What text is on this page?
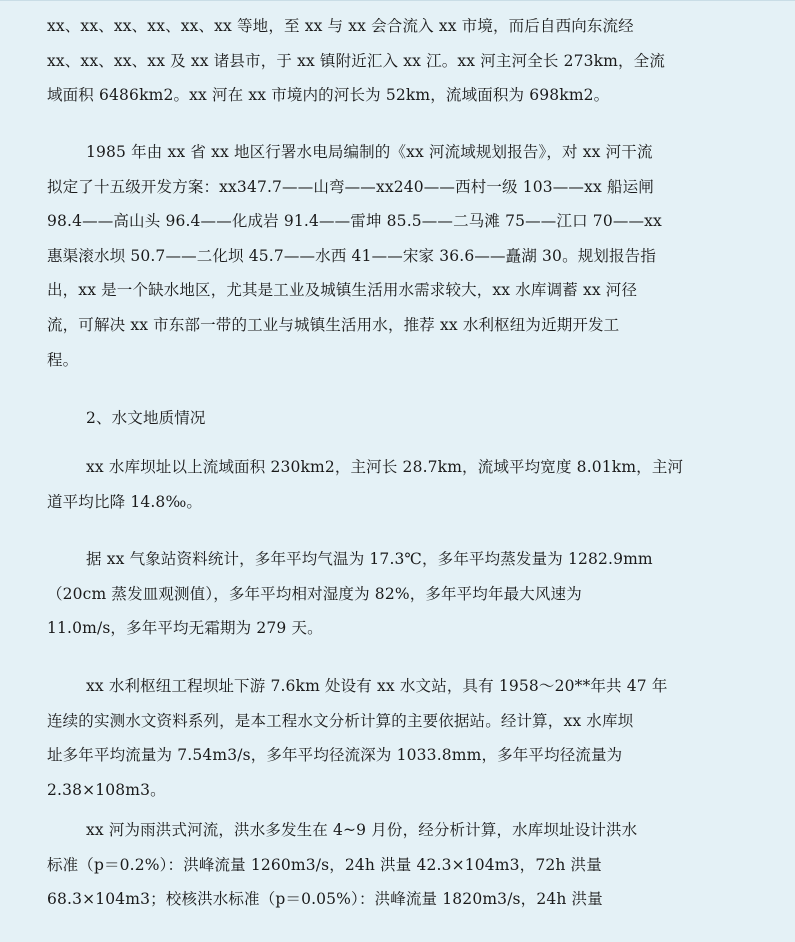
xx、xx、xx、xx、xx、xx 等地，至 xx 与 xx 会合流入 xx 市境，而后自西向东流经
xx、xx、xx、xx 及 xx 诸县市，于 xx 镇附近汇入 xx 江。xx 河主河全长 273km，全流
域面积 6486km2。xx 河在 xx 市境内的河长为 52km，流域面积为 698km2。
1985 年由 xx 省 xx 地区行署水电局编制的《xx 河流域规划报告》，对 xx 河干流
拟定了十五级开发方案：xx347.7——山弯——xx240——西村一级 103——xx 船运闸
98.4——高山头 96.4——化成岩 91.4——雷坤 85.5——二马滩 75——江口 70——xx
惠渠滚水坝 50.7——二化坝 45.7——水西 41——宋家 36.6——矗湖 30。规划报告指
出，xx 是一个缺水地区，尤其是工业及城镇生活用水需求较大，xx 水库调蓄 xx 河径
流，可解决 xx 市东部一带的工业与城镇生活用水，推荐 xx 水利枢纽为近期开发工
程。
2、水文地质情况
xx 水库坝址以上流域面积 230km2，主河长 28.7km，流域平均宽度 8.01km，主河
道平均比降 14.8‰。
据 xx 气象站资料统计，多年平均气温为 17.3℃，多年平均蒸发量为 1282.9mm
（20cm 蒸发皿观测值），多年平均相对湿度为 82%，多年平均年最大风速为
11.0m/s，多年平均无霜期为 279 天。
xx 水利枢纽工程坝址下游 7.6km 处设有 xx 水文站，具有 1958～20**年共 47 年
连续的实测水文资料系列，是本工程水文分析计算的主要依据站。经计算，xx 水库坝
址多年平均流量为 7.54m3/s，多年平均径流深为 1033.8mm，多年平均径流量为
2.38×108m3。
xx 河为雨洪式河流，洪水多发生在 4~9 月份，经分析计算，水库坝址设计洪水
标准（p＝0.2%）：洪峰流量 1260m3/s，24h 洪量 42.3×104m3，72h 洪量
68.3×104m3；校核洪水标准（p＝0.05%）：洪峰流量 1820m3/s，24h 洪量
